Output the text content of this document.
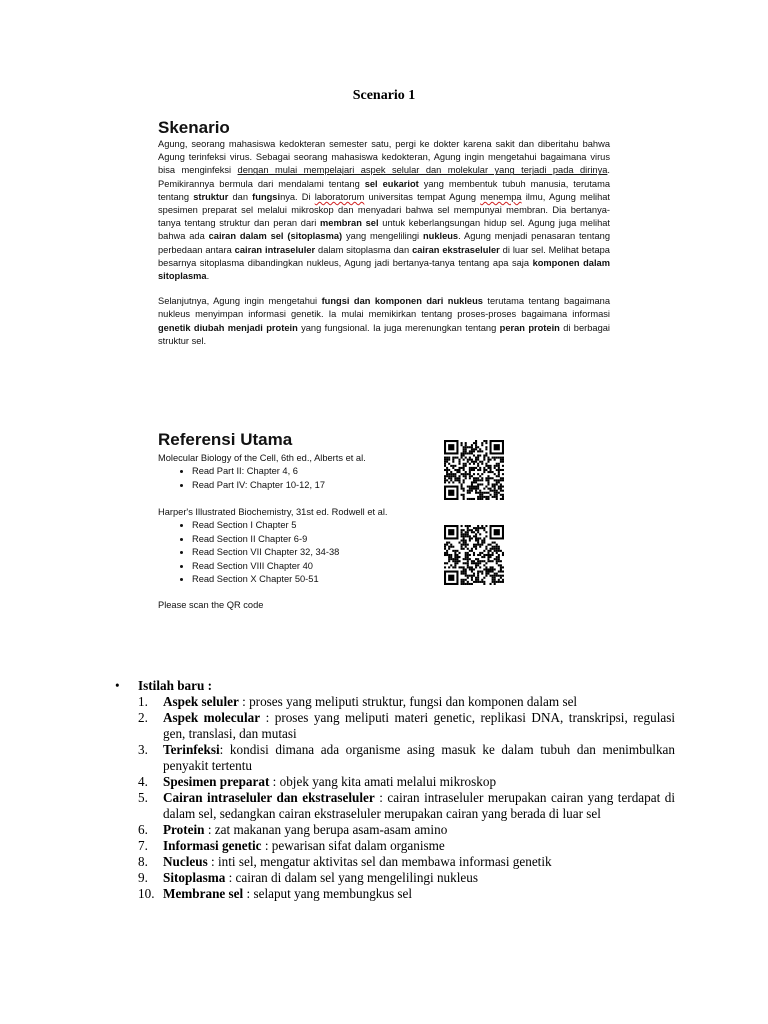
Scenario 1
Skenario

Agung, seorang mahasiswa kedokteran semester satu, pergi ke dokter karena sakit dan diberitahu bahwa Agung terinfeksi virus. Sebagai seorang mahasiswa kedokteran, Agung ingin mengetahui bagaimana virus bisa menginfeksi dengan mulai mempelajari aspek selular dan molekular yang terjadi pada dirinya. Pemikirannya bermula dari mendalami tentang sel eukariot yang membentuk tubuh manusia, terutama tentang struktur dan fungsinya. Di laboratorum universitas tempat Agung menempa ilmu, Agung melihat spesimen preparat sel melalui mikroskop dan menyadari bahwa sel mempunyai membran. Dia bertanya-tanya tentang struktur dan peran dari membran sel untuk keberlangsungan hidup sel. Agung juga melihat bahwa ada cairan dalam sel (sitoplasma) yang mengelilingi nukleus. Agung menjadi penasaran tentang perbedaan antara cairan intraseluler dalam sitoplasma dan cairan ekstraseluler di luar sel. Melihat betapa besarnya sitoplasma dibandingkan nukleus, Agung jadi bertanya-tanya tentang apa saja komponen dalam sitoplasma.

Selanjutnya, Agung ingin mengetahui fungsi dan komponen dari nukleus terutama tentang bagaimana nukleus menyimpan informasi genetik. Ia mulai memikirkan tentang proses-proses bagaimana informasi genetik diubah menjadi protein yang fungsional. Ia juga merenungkan tentang peran protein di berbagai struktur sel.

Referensi Utama

Molecular Biology of the Cell, 6th ed., Alberts et al.

• Read Part II: Chapter 4, 6
• Read Part IV: Chapter 10-12, 17

Harper's Illustrated Biochemistry, 31st ed. Rodwell et al.

• Read Section I Chapter 5
• Read Section II Chapter 6-9
• Read Section VII Chapter 32, 34-38
• Read Section VIII Chapter 40
• Read Section X Chapter 50-51
Please scan the QR code
• Istilah baru :
1. Aspek seluler : proses yang meliputi struktur, fungsi dan komponen dalam sel
2. Aspek molecular : proses yang meliputi materi genetic, replikasi DNA, transkripsi, regulasi gen, translasi, dan mutasi
3. Terinfeksi: kondisi dimana ada organisme asing masuk ke dalam tubuh dan menimbulkan penyakit tertentu
4. Spesimen preparat : objek yang kita amati melalui mikroskop
5. Cairan intraseluler dan ekstraseluler : cairan intraseluler merupakan cairan yang terdapat di dalam sel, sedangkan cairan ekstraseluler merupakan cairan yang berada di luar sel
6. Protein : zat makanan yang berupa asam-asam amino
7. Informasi genetic : pewarisan sifat dalam organisme
8. Nucleus : inti sel, mengatur aktivitas sel dan membawa informasi genetik
9. Sitoplasma : cairan di dalam sel yang mengelilingi nukleus
10. Membrane sel : selaput yang membungkus sel
